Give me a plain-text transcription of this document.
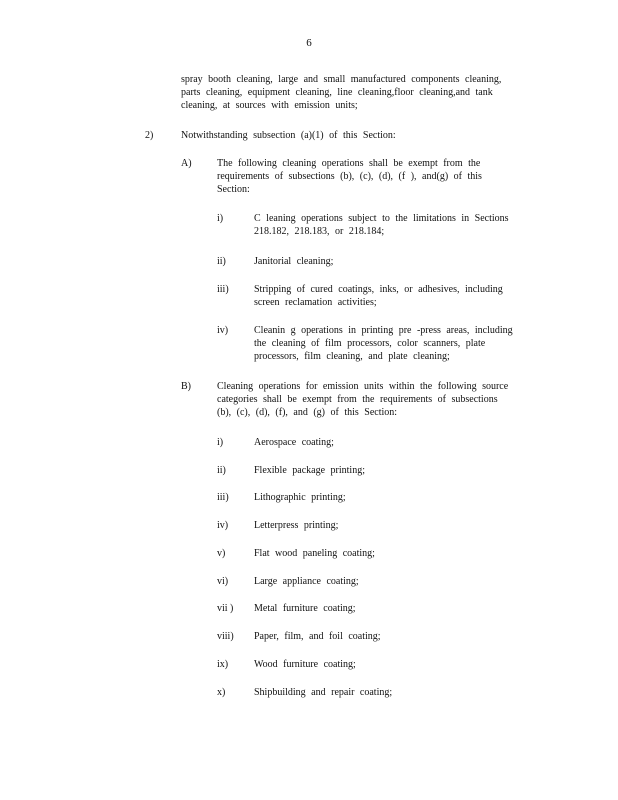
6
spray booth cleaning, large and small manufactured components cleaning,
parts cleaning, equipment cleaning, line cleaning,floor cleaning,and tank
cleaning, at sources with emission units;
2)	Notwithstanding subsection (a)(1) of this Section:
A)	The following cleaning operations shall be exempt from the
requirements of subsections (b), (c), (d), (f ), and(g) of this
Section:
i)	C leaning operations subject to the limitations in Sections
218.182, 218.183, or 218.184;
ii)	Janitorial cleaning;
iii)	Stripping of cured coatings, inks, or adhesives, including
screen reclamation activities;
iv)	Cleanin g operations in printing pre -press areas, including
the cleaning of film processors, color scanners, plate
processors, film cleaning, and plate cleaning;
B)	Cleaning operations for emission units within the following source
categories shall be exempt from the requirements of subsections
(b), (c), (d), (f), and (g) of this Section:
i)	Aerospace coating;
ii)	Flexible package printing;
iii)	Lithographic printing;
iv)	Letterpress printing;
v)	Flat wood paneling coating;
vi)	Large appliance coating;
vii ) Metal furniture coating;
viii) Paper, film, and foil coating;
ix)	Wood furniture coating;
x)	Shipbuilding and repair coating;
